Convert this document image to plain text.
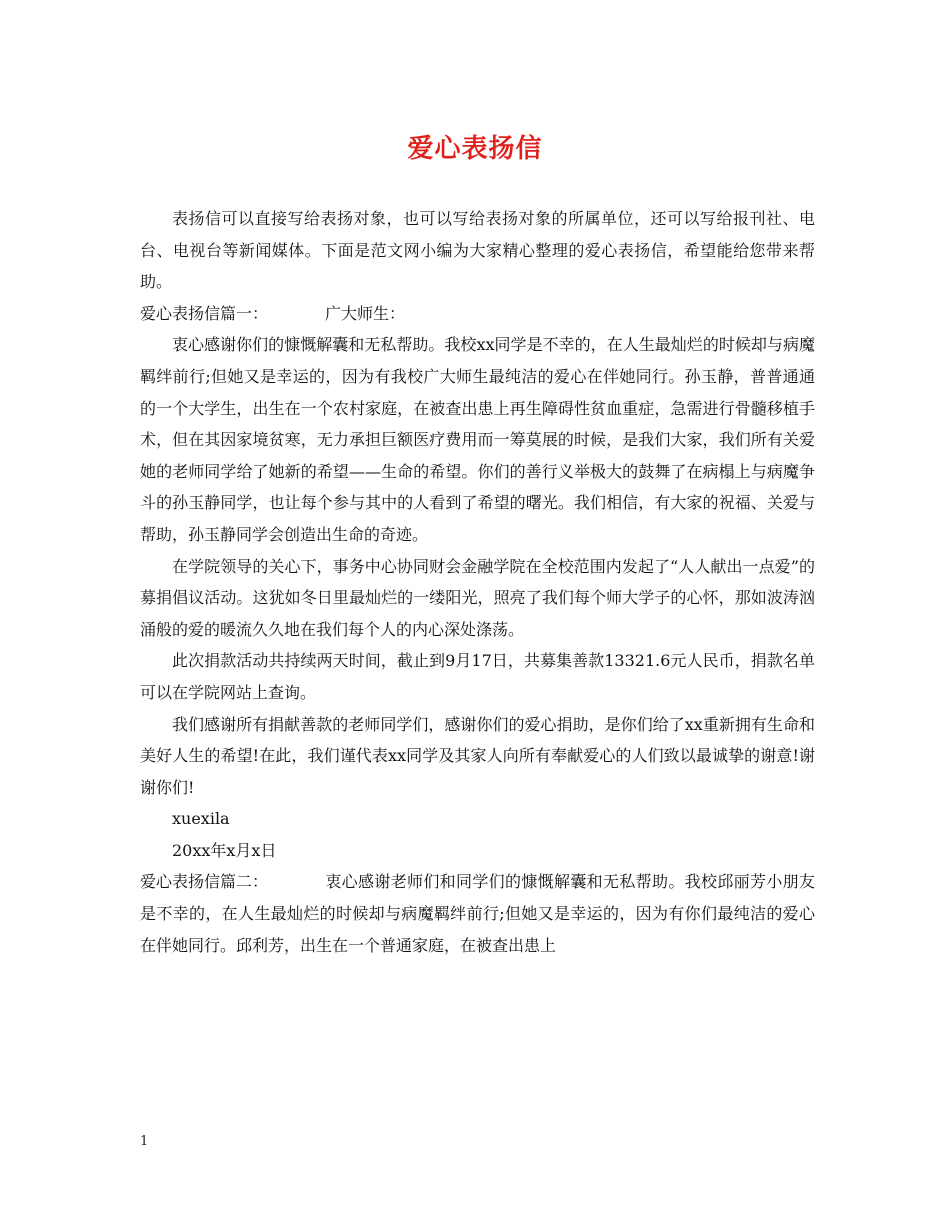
爱心表扬信

表扬信可以直接写给表扬对象，也可以写给表扬对象的所属单位，还可以写给报刊社、电台、电视台等新闻媒体。下面是范文网小编为大家精心整理的爱心表扬信，希望能给您带来帮助。

爱心表扬信篇一：	广大师生：

衷心感谢你们的慷慨解囊和无私帮助。我校xx同学是不幸的，在人生最灿烂的时候却与病魔羁绊前行;但她又是幸运的，因为有我校广大师生最纯洁的爱心在伴她同行。孙玉静，普普通通的一个大学生，出生在一个农村家庭，在被查出患上再生障碍性贫血重症，急需进行骨髓移植手术，但在其因家境贫寒，无力承担巨额医疗费用而一筹莫展的时候，是我们大家，我们所有关爱她的老师同学给了她新的希望——生命的希望。你们的善行义举极大的鼓舞了在病榻上与病魔争斗的孙玉静同学，也让每个参与其中的人看到了希望的曙光。我们相信，有大家的祝福、关爱与帮助，孙玉静同学会创造出生命的奇迹。

在学院领导的关心下，事务中心协同财会金融学院在全校范围内发起了“人人献出一点爱”的募捐倡议活动。这犹如冬日里最灿烂的一缕阳光，照亮了我们每个师大学子的心怀，那如波涛汹涌般的爱的暖流久久地在我们每个人的内心深处涤荡。

此次捐款活动共持续两天时间，截止到9月17日，共募集善款13321.6元人民币，捐款名单可以在学院网站上查询。

我们感谢所有捐献善款的老师同学们，感谢你们的爱心捐助，是你们给了xx重新拥有生命和美好人生的希望!在此，我们谨代表xx同学及其家人向所有奉献爱心的人们致以最诚挚的谢意!谢谢你们!

xuexila

20xx年x月x日

爱心表扬信篇二：	衷心感谢老师们和同学们的慷慨解囊和无私帮助。我校邱丽芳小朋友是不幸的，在人生最灿烂的时候却与病魔羁绊前行;但她又是幸运的，因为有你们最纯洁的爱心在伴她同行。邱利芳，出生在一个普通家庭，在被查出患上

1
